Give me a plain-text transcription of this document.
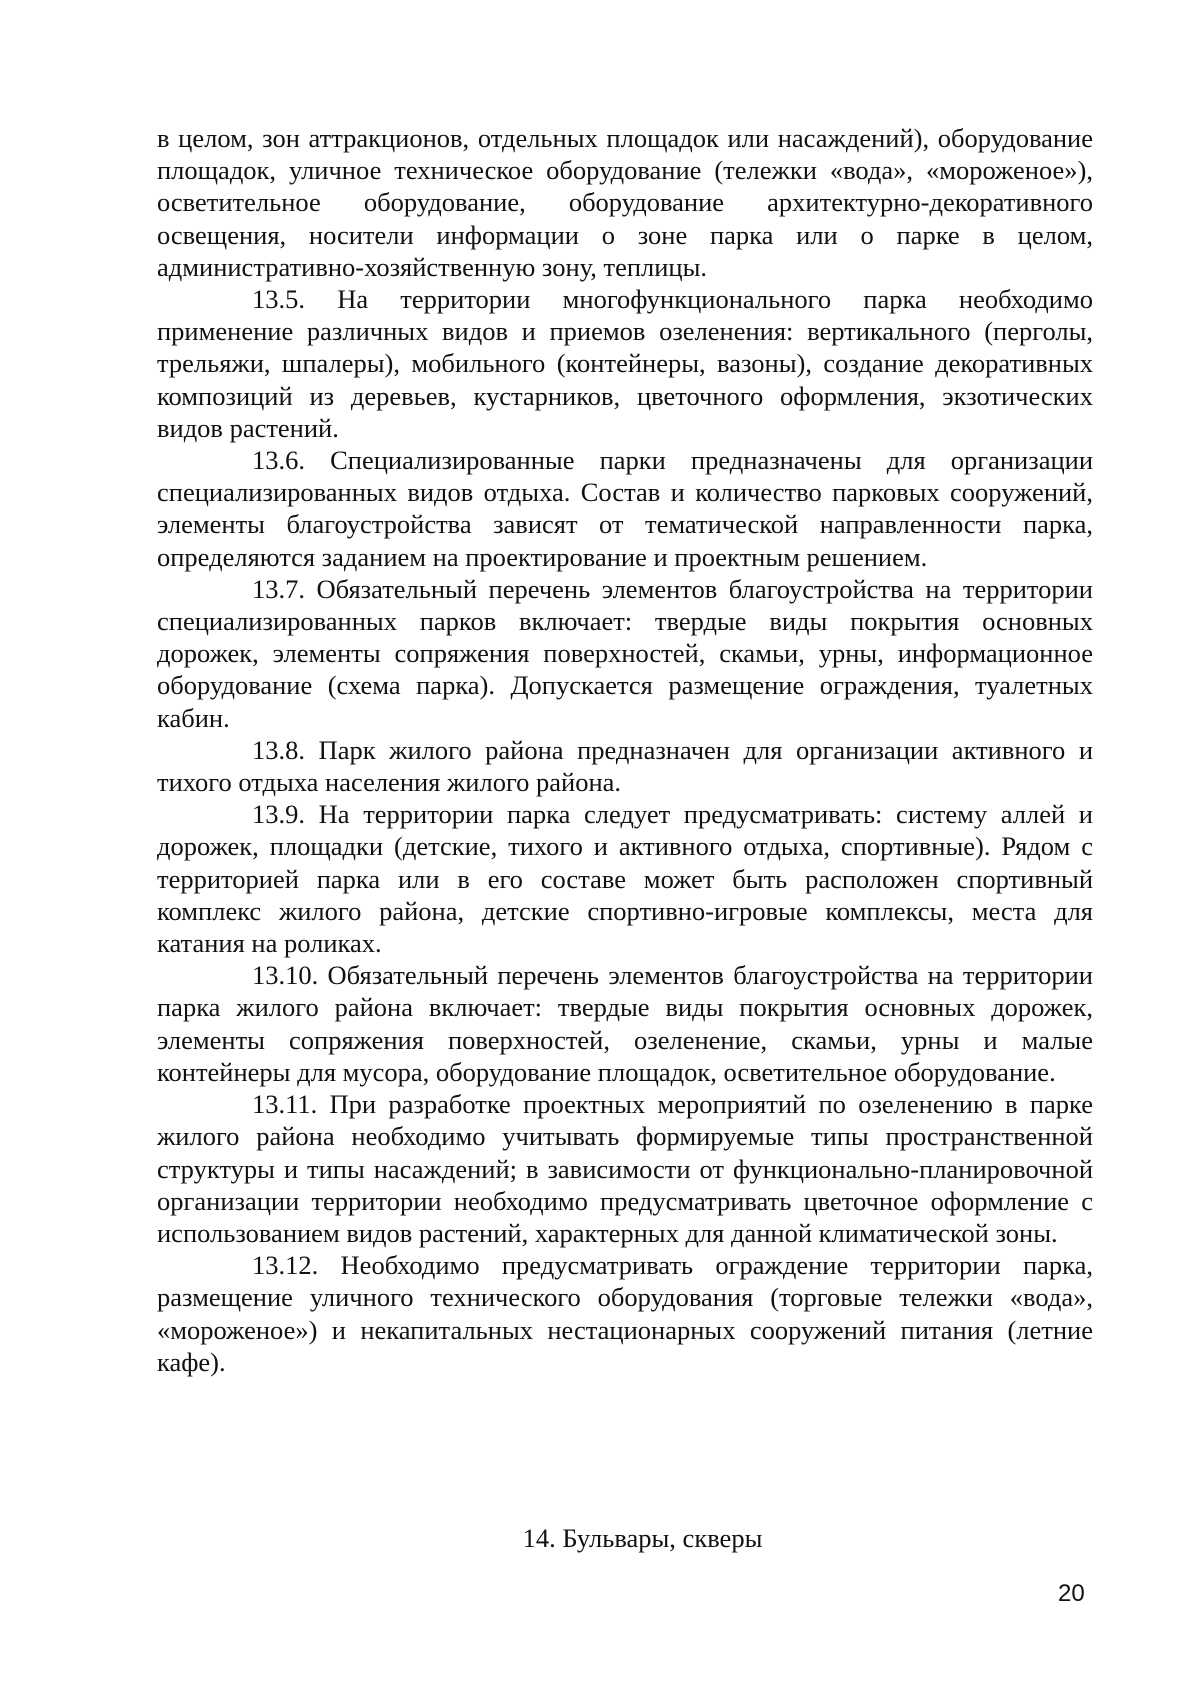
в целом, зон аттракционов, отдельных площадок или насаждений), оборудование площадок, уличное техническое оборудование (тележки «вода», «мороженое»), осветительное оборудование, оборудование архитектурно-декоративного освещения, носители информации о зоне парка или о парке в целом, административно-хозяйственную зону, теплицы.

13.5. На территории многофункционального парка необходимо применение различных видов и приемов озеленения: вертикального (перголы, трельяжи, шпалеры), мобильного (контейнеры, вазоны), создание декоративных композиций из деревьев, кустарников, цветочного оформления, экзотических видов растений.

13.6. Специализированные парки предназначены для организации специализированных видов отдыха. Состав и количество парковых сооружений, элементы благоустройства зависят от тематической направленности парка, определяются заданием на проектирование и проектным решением.

13.7. Обязательный перечень элементов благоустройства на территории специализированных парков включает: твердые виды покрытия основных дорожек, элементы сопряжения поверхностей, скамьи, урны, информационное оборудование (схема парка). Допускается размещение ограждения, туалетных кабин.

13.8. Парк жилого района предназначен для организации активного и тихого отдыха населения жилого района.

13.9. На территории парка следует предусматривать: систему аллей и дорожек, площадки (детские, тихого и активного отдыха, спортивные). Рядом с территорией парка или в его составе может быть расположен спортивный комплекс жилого района, детские спортивно-игровые комплексы, места для катания на роликах.

13.10. Обязательный перечень элементов благоустройства на территории парка жилого района включает: твердые виды покрытия основных дорожек, элементы сопряжения поверхностей, озеленение, скамьи, урны и малые контейнеры для мусора, оборудование площадок, осветительное оборудование.

13.11. При разработке проектных мероприятий по озеленению в парке жилого района необходимо учитывать формируемые типы пространственной структуры и типы насаждений; в зависимости от функционально-планировочной организации территории необходимо предусматривать цветочное оформление с использованием видов растений, характерных для данной климатической зоны.

13.12. Необходимо предусматривать ограждение территории парка, размещение уличного технического оборудования (торговые тележки «вода», «мороженое») и некапитальных нестационарных сооружений питания (летние кафе).

14. Бульвары, скверы
20
